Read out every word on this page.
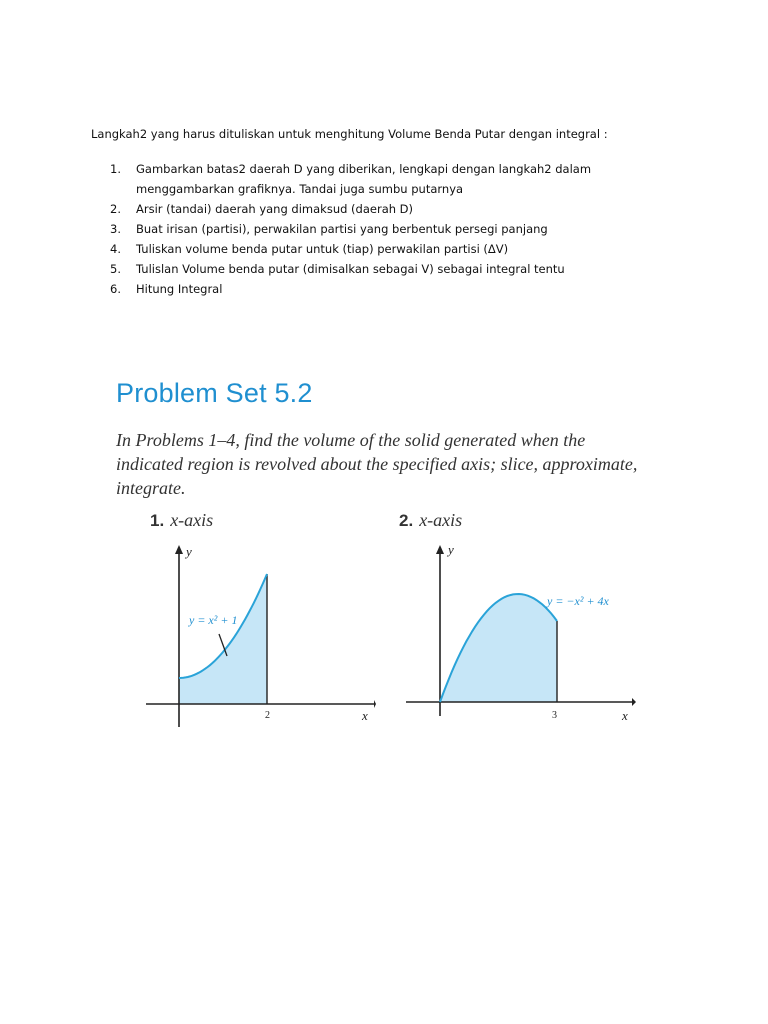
Langkah2 yang harus dituliskan untuk menghitung Volume Benda Putar dengan integral :

1. Gambarkan batas2 daerah D yang diberikan, lengkapi dengan langkah2 dalam menggambarkan grafiknya. Tandai juga sumbu putarnya
2. Arsir (tandai) daerah yang dimaksud (daerah D)
3. Buat irisan (partisi), perwakilan partisi yang berbentuk persegi panjang
4. Tuliskan volume benda putar untuk (tiap) perwakilan partisi (ΔV)
5. Tulislan Volume benda putar (dimisalkan sebagai V) sebagai integral tentu
6. Hitung Integral

Problem Set 5.2

In Problems 1–4, find the volume of the solid generated when the indicated region is revolved about the specified axis; slice, approximate, integrate.

1. x-axis	2. x-axis
y
x
2
y = x² + 1
y
x
3
y = −x² + 4x
